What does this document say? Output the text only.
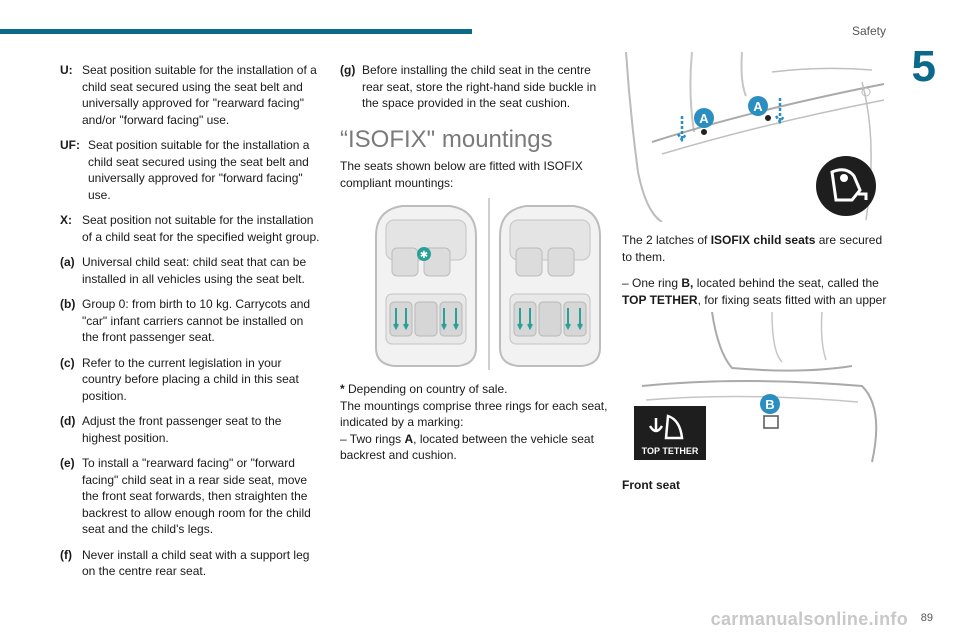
Safety
5
U: Seat position suitable for the installation of a child seat secured using the seat belt and universally approved for "rearward facing" and/or "forward facing" use.
UF: Seat position suitable for the installation a child seat secured using the seat belt and universally approved for "forward facing" use.
X: Seat position not suitable for the installation of a child seat for the specified weight group.
(a) Universal child seat: child seat that can be installed in all vehicles using the seat belt.
(b) Group 0: from birth to 10 kg. Carrycots and "car" infant carriers cannot be installed on the front passenger seat.
(c) Refer to the current legislation in your country before placing a child in this seat position.
(d) Adjust the front passenger seat to the highest position.
(e) To install a "rearward facing" or "forward facing" child seat in a rear side seat, move the front seat forwards, then straighten the backrest to allow enough room for the child seat and the child's legs.
(f) Never install a child seat with a support leg on the centre rear seat.
(g) Before installing the child seat in the centre rear seat, store the right-hand side buckle in the space provided in the seat cushion.
“ISOFIX" mountings

The seats shown below are fitted with ISOFIX compliant mountings:

✱

* Depending on country of sale.

The mountings comprise three rings for each seat, indicated by a marking:

– Two rings A, located between the vehicle seat backrest and cushion.

A
A

The 2 latches of ISOFIX child seats are secured to them.

– One ring B, located behind the seat, called the TOP TETHER, for fixing seats fitted with an upper

B
TOP TETHER
Front seat
89
carmanualsonline.info
